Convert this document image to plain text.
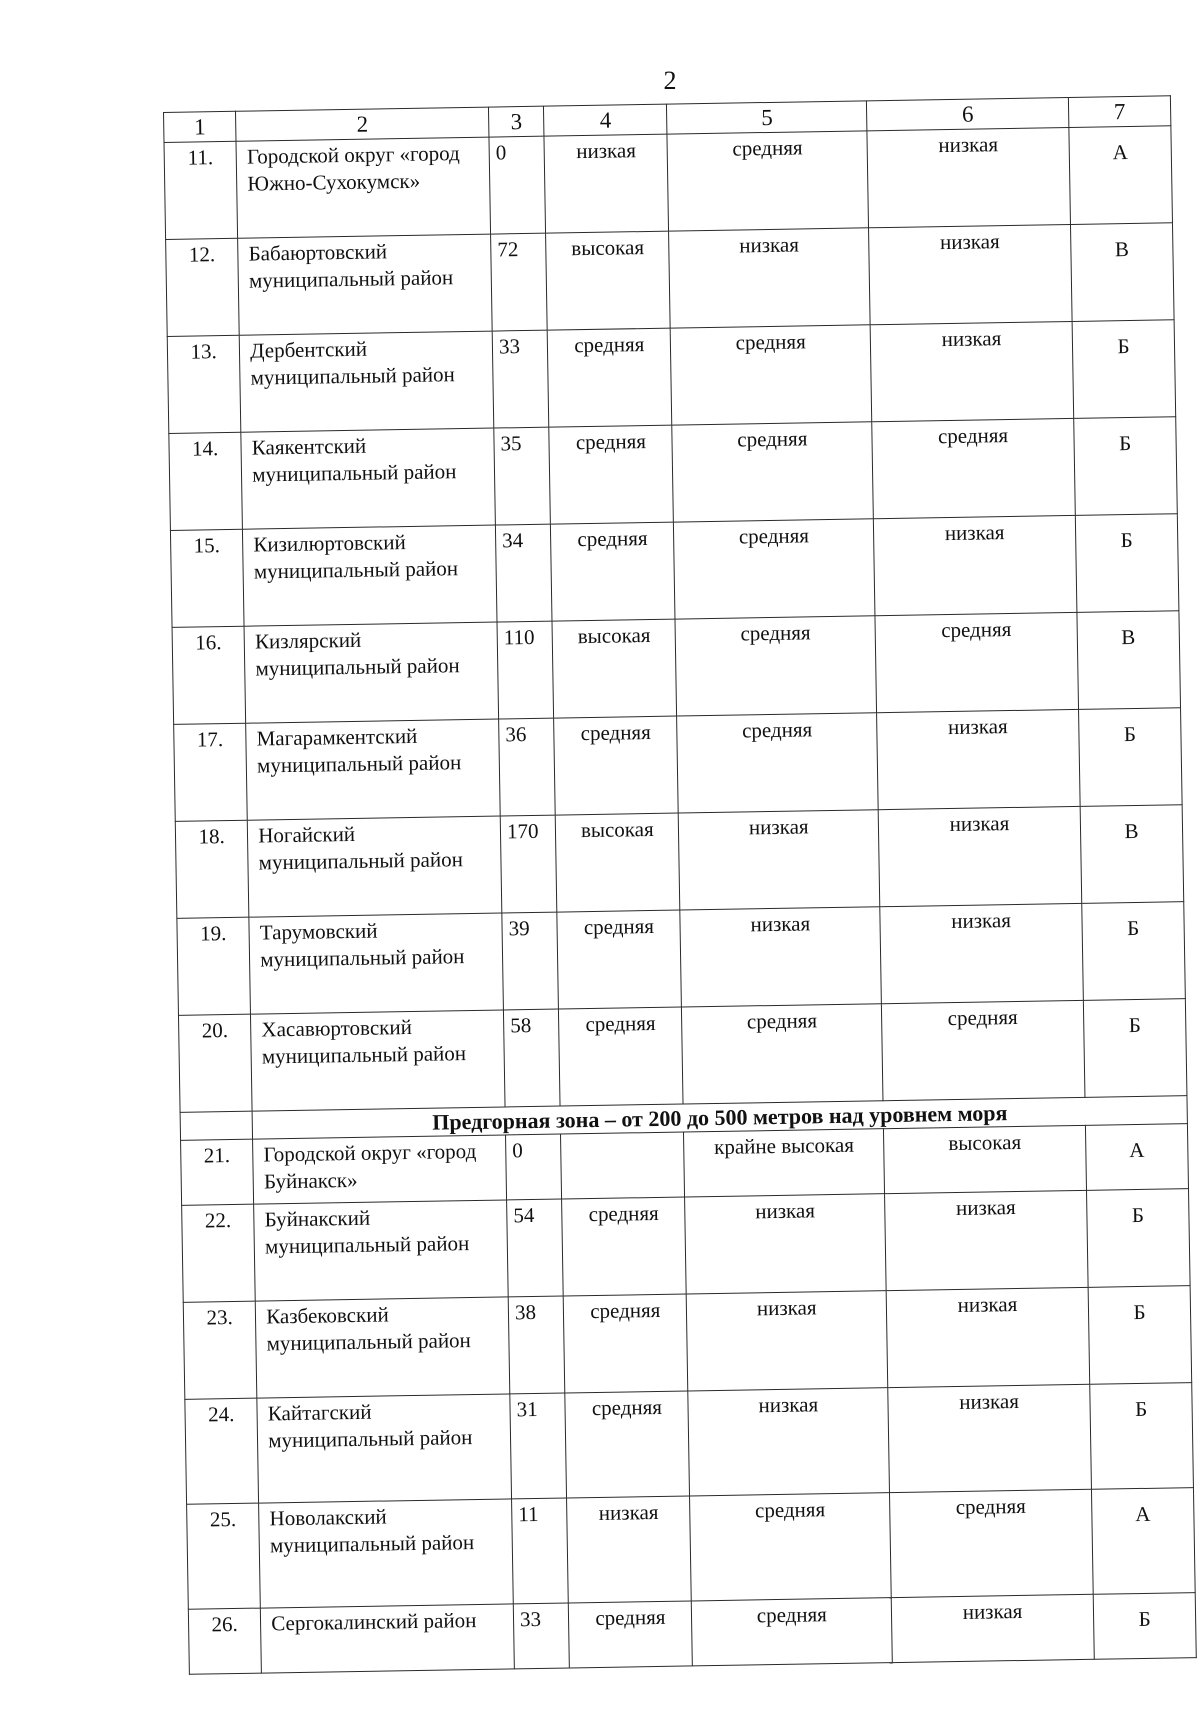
2
1	2	3	4	5	6	7
11.	Городской округ «город Южно-Сухокумск»	0	низкая	средняя	низкая	А
12.	Бабаюртовский муниципальный район	72	высокая	низкая	низкая	В
13.	Дербентский муниципальный район	33	средняя	средняя	низкая	Б
14.	Каякентский муниципальный район	35	средняя	средняя	средняя	Б
15.	Кизилюртовский муниципальный район	34	средняя	средняя	низкая	Б
16.	Кизлярский муниципальный район	110	высокая	средняя	средняя	В
17.	Магарамкентский муниципальный район	36	средняя	средняя	низкая	Б
18.	Ногайский муниципальный район	170	высокая	низкая	низкая	В
19.	Тарумовский муниципальный район	39	средняя	низкая	низкая	Б
20.	Хасавюртовский муниципальный район	58	средняя	средняя	средняя	Б
	Предгорная зона – от 200 до 500 метров над уровнем моря					
21.	Городской округ «город Буйнакск»	0		крайне высокая	высокая	А
22.	Буйнакский муниципальный район	54	средняя	низкая	низкая	Б
23.	Казбековский муниципальный район	38	средняя	низкая	низкая	Б
24.	Кайтагский муниципальный район	31	средняя	низкая	низкая	Б
25.	Новолакский муниципальный район	11	низкая	средняя	средняя	А
26.	Сергокалинский район	33	средняя	средняя	низкая	Б
